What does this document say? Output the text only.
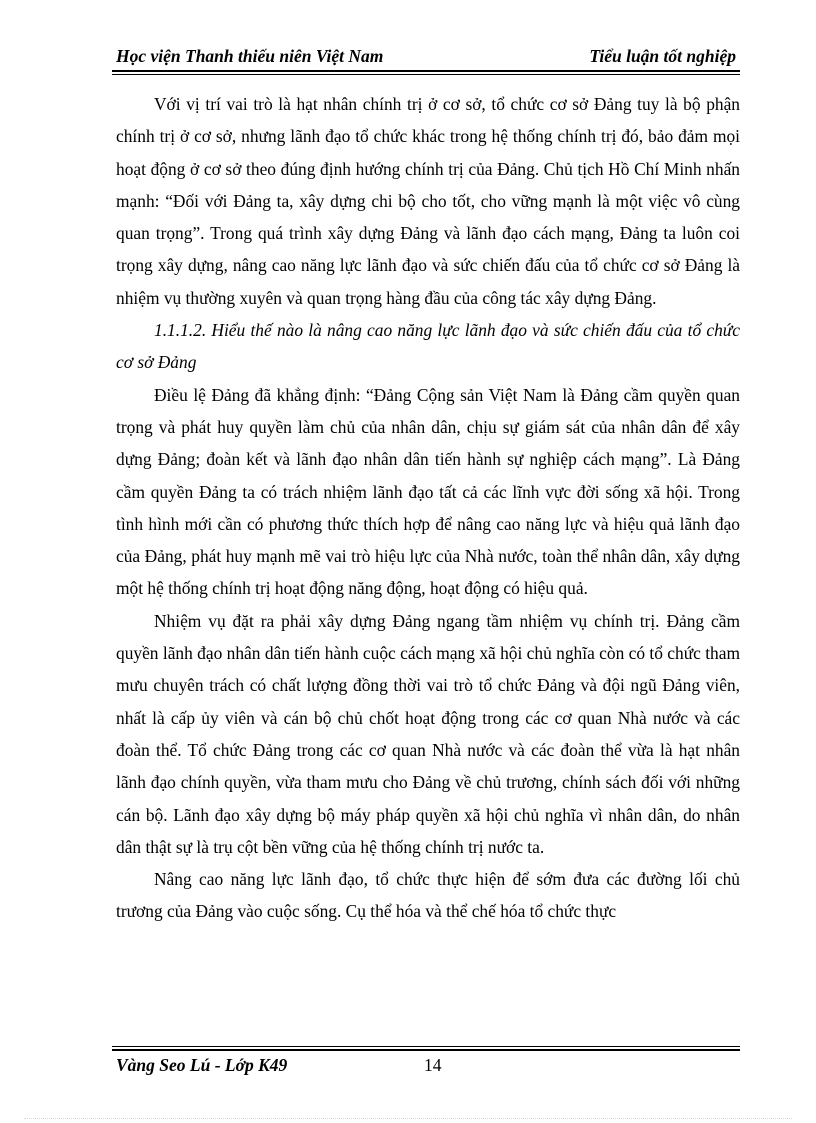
Học viện Thanh thiếu niên Việt Nam	Tiểu luận tốt nghiệp

Với vị trí vai trò là hạt nhân chính trị ở cơ sở, tổ chức cơ sở Đảng tuy là bộ phận chính trị ở cơ sở, nhưng lãnh đạo tổ chức khác trong hệ thống chính trị đó, bảo đảm mọi hoạt động ở cơ sở theo đúng định hướng chính trị của Đảng. Chủ tịch Hồ Chí Minh nhấn mạnh: “Đối với Đảng ta, xây dựng chi bộ cho tốt, cho vững mạnh là một việc vô cùng quan trọng”. Trong quá trình xây dựng Đảng và lãnh đạo cách mạng, Đảng ta luôn coi trọng xây dựng, nâng cao năng lực lãnh đạo và sức chiến đấu của tổ chức cơ sở Đảng là nhiệm vụ thường xuyên và quan trọng hàng đầu của công tác xây dựng Đảng.

1.1.1.2. Hiểu thế nào là nâng cao năng lực lãnh đạo và sức chiến đấu của tổ chức cơ sở Đảng

Điều lệ Đảng đã khẳng định: “Đảng Cộng sản Việt Nam là Đảng cầm quyền quan trọng và phát huy quyền làm chủ của nhân dân, chịu sự giám sát của nhân dân để xây dựng Đảng; đoàn kết và lãnh đạo nhân dân tiến hành sự nghiệp cách mạng”. Là Đảng cầm quyền Đảng ta có trách nhiệm lãnh đạo tất cả các lĩnh vực đời sống xã hội. Trong tình hình mới cần có phương thức thích hợp để nâng cao năng lực và hiệu quả lãnh đạo của Đảng, phát huy mạnh mẽ vai trò hiệu lực của Nhà nước, toàn thể nhân dân, xây dựng một hệ thống chính trị hoạt động năng động, hoạt động có hiệu quả.

Nhiệm vụ đặt ra phải xây dựng Đảng ngang tầm nhiệm vụ chính trị. Đảng cầm quyền lãnh đạo nhân dân tiến hành cuộc cách mạng xã hội chủ nghĩa còn có tổ chức tham mưu chuyên trách có chất lượng đồng thời vai trò tổ chức Đảng và đội ngũ Đảng viên, nhất là cấp ủy viên và cán bộ chủ chốt hoạt động trong các cơ quan Nhà nước và các đoàn thể. Tổ chức Đảng trong các cơ quan Nhà nước và các đoàn thể vừa là hạt nhân lãnh đạo chính quyền, vừa tham mưu cho Đảng về chủ trương, chính sách đối với những cán bộ. Lãnh đạo xây dựng bộ máy pháp quyền xã hội chủ nghĩa vì nhân dân, do nhân dân thật sự là trụ cột bền vững của hệ thống chính trị nước ta.

Nâng cao năng lực lãnh đạo, tổ chức thực hiện để sớm đưa các đường lối chủ trương của Đảng vào cuộc sống. Cụ thể hóa và thể chế hóa tổ chức thực

Vàng Seo Lú - Lớp K49	14
